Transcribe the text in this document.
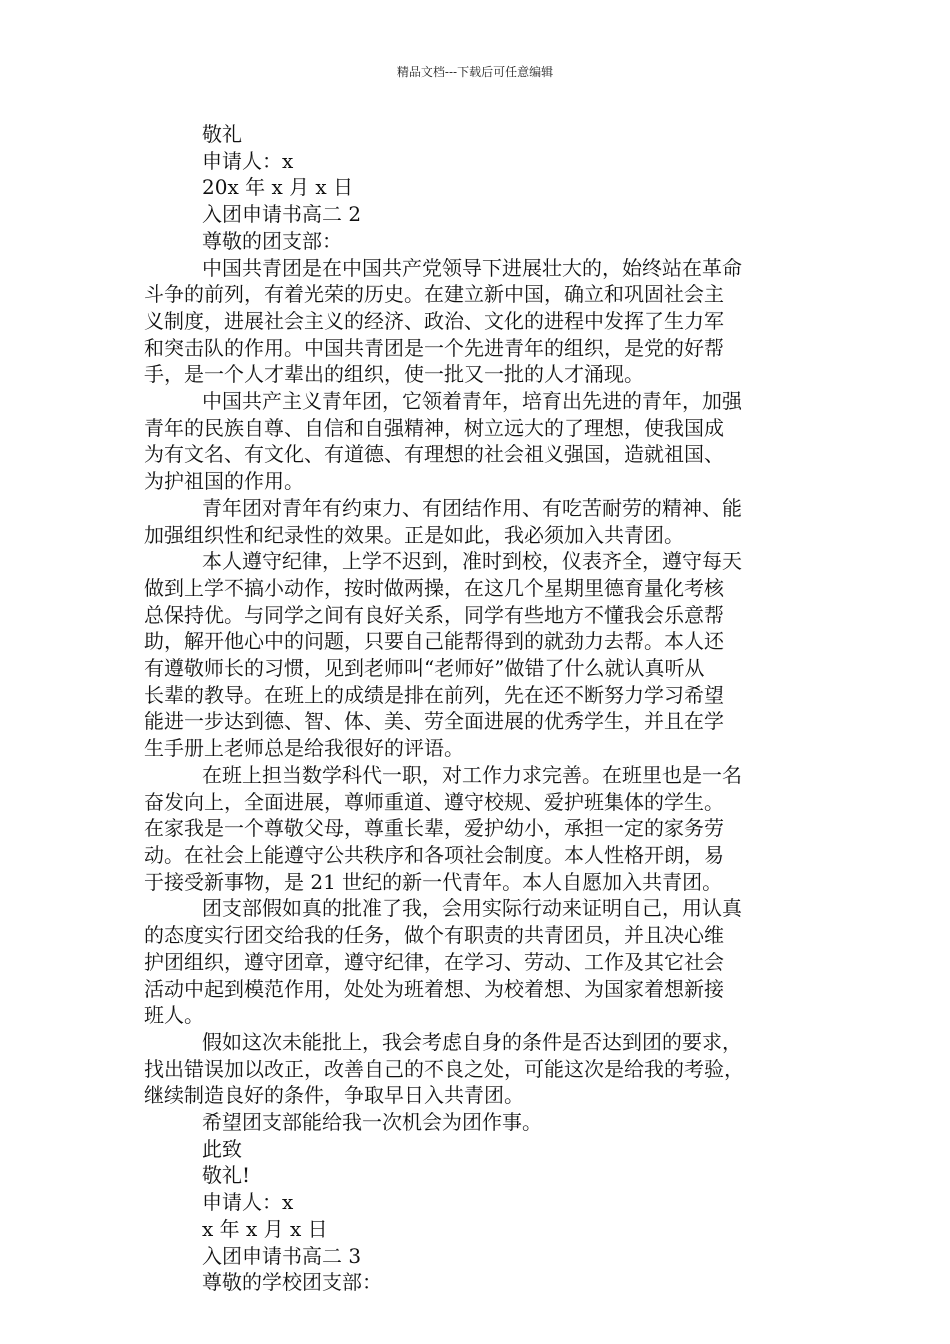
精品文档---下载后可任意编辑
敬礼
申请人：x
20x 年 x 月 x 日
入团申请书高二 2
尊敬的团支部：
中国共青团是在中国共产党领导下进展壮大的，始终站在革命
斗争的前列，有着光荣的历史。在建立新中国，确立和巩固社会主
义制度，进展社会主义的经济、政治、文化的进程中发挥了生力军
和突击队的作用。中国共青团是一个先进青年的组织，是党的好帮
手，是一个人才辈出的组织，使一批又一批的人才涌现。
中国共产主义青年团，它领着青年，培育出先进的青年，加强
青年的民族自尊、自信和自强精神，树立远大的了理想，使我国成
为有文名、有文化、有道德、有理想的社会祖义强国，造就祖国、
为护祖国的作用。
青年团对青年有约束力、有团结作用、有吃苦耐劳的精神、能
加强组织性和纪录性的效果。正是如此，我必须加入共青团。
本人遵守纪律，上学不迟到，准时到校，仪表齐全，遵守每天
做到上学不搞小动作，按时做两操，在这几个星期里德育量化考核
总保持优。与同学之间有良好关系，同学有些地方不懂我会乐意帮
助，解开他心中的问题，只要自己能帮得到的就劲力去帮。本人还
有遵敬师长的习惯，见到老师叫“老师好”做错了什么就认真听从
长辈的教导。在班上的成绩是排在前列，先在还不断努力学习希望
能进一步达到德、智、体、美、劳全面进展的优秀学生，并且在学
生手册上老师总是给我很好的评语。
在班上担当数学科代一职，对工作力求完善。在班里也是一名
奋发向上，全面进展，尊师重道、遵守校规、爱护班集体的学生。
在家我是一个尊敬父母，尊重长辈，爱护幼小，承担一定的家务劳
动。在社会上能遵守公共秩序和各项社会制度。本人性格开朗，易
于接受新事物，是 21 世纪的新一代青年。本人自愿加入共青团。
团支部假如真的批准了我，会用实际行动来证明自己，用认真
的态度实行团交给我的任务，做个有职责的共青团员，并且决心维
护团组织，遵守团章，遵守纪律，在学习、劳动、工作及其它社会
活动中起到模范作用，处处为班着想、为校着想、为国家着想新接
班人。
假如这次未能批上，我会考虑自身的条件是否达到团的要求，
找出错误加以改正，改善自己的不良之处，可能这次是给我的考验，
继续制造良好的条件，争取早日入共青团。
希望团支部能给我一次机会为团作事。
此致
敬礼!
申请人：x
x 年 x 月 x 日
入团申请书高二 3
尊敬的学校团支部：
